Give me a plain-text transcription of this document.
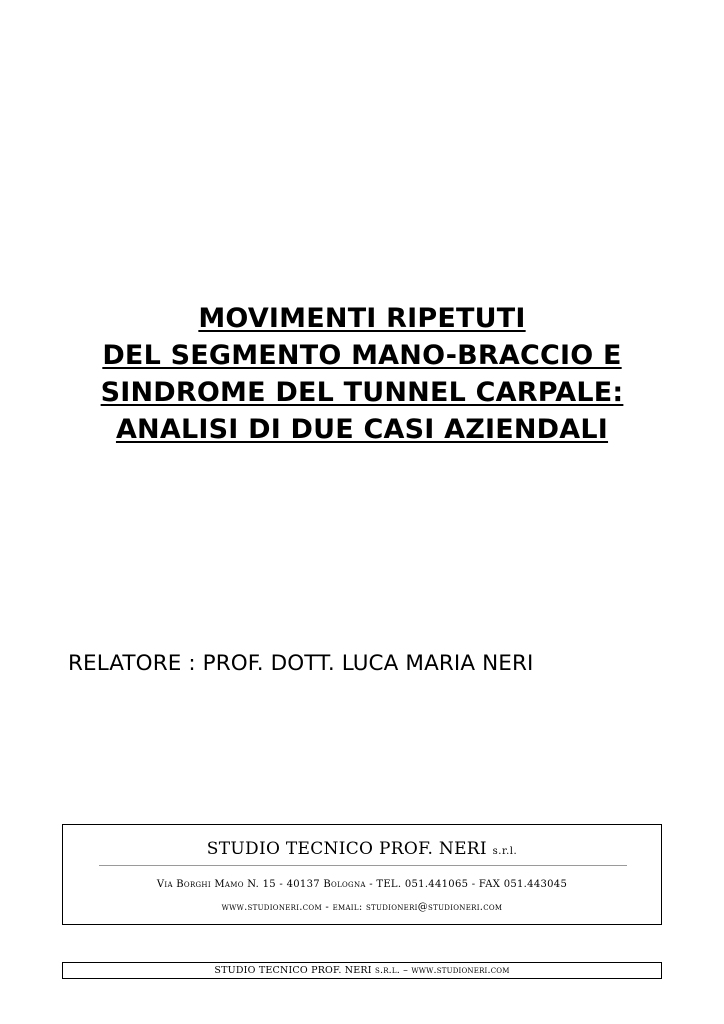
MOVIMENTI RIPETUTI
DEL SEGMENTO MANO-BRACCIO E
SINDROME DEL TUNNEL CARPALE:
ANALISI DI DUE CASI AZIENDALI
RELATORE : PROF. DOTT. LUCA MARIA NERI
STUDIO TECNICO PROF. NERI s.r.l.
Via Borghi Mamo N. 15 - 40137 Bologna - TEL. 051.441065 - FAX 051.443045
www.studioneri.com - email: studioneri@studioneri.com
STUDIO TECNICO PROF. NERI s.r.l. – www.studioneri.com
